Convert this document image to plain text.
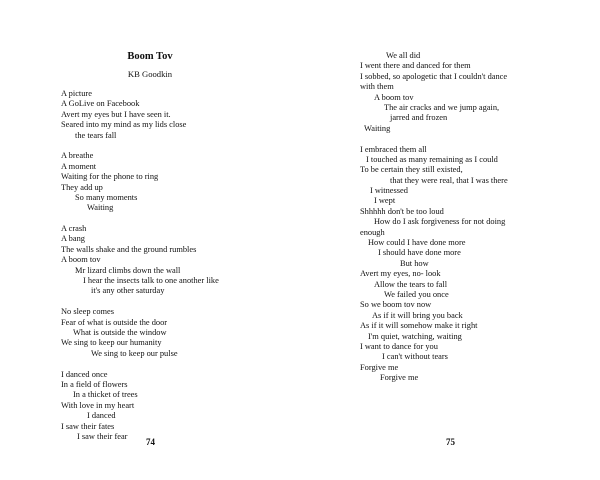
Boom Tov
KB Goodkin
A picture
A GoLive on Facebook
Avert my eyes but I have seen it.
Seared into my mind as my lids close
the tears fall
A breathe
A moment
Waiting for the phone to ring
They add up
So many moments
Waiting
A crash
A bang
The walls shake and the ground rumbles
A boom tov
Mr lizard climbs down the wall
I hear the insects talk to one another like
it's any other saturday
No sleep comes
Fear of what is outside the door
What is outside the window
We sing to keep our humanity
We sing to keep our pulse
I danced once
In a field of flowers
In a thicket of trees
With love in my heart
I danced
I saw their fates
I saw their fear
74
We all did
I went there and danced for them
I sobbed, so apologetic that I couldn't dance
with them
A boom tov
The air cracks and we jump again,
jarred and frozen
Waiting
I embraced them all
I touched as many remaining as I could
To be certain they still existed,
that they were real, that I was there
I witnessed
I wept
Shhhhh don't be too loud
How do I ask forgiveness for not doing
enough
How could I have done more
I should have done more
But how
Avert my eyes, no- look
Allow the tears to fall
We failed you once
So we boom tov now
As if it will bring you back
As if it will somehow make it right
I'm quiet, watching, waiting
I want to dance for you
I can't without tears
Forgive me
Forgive me
75
